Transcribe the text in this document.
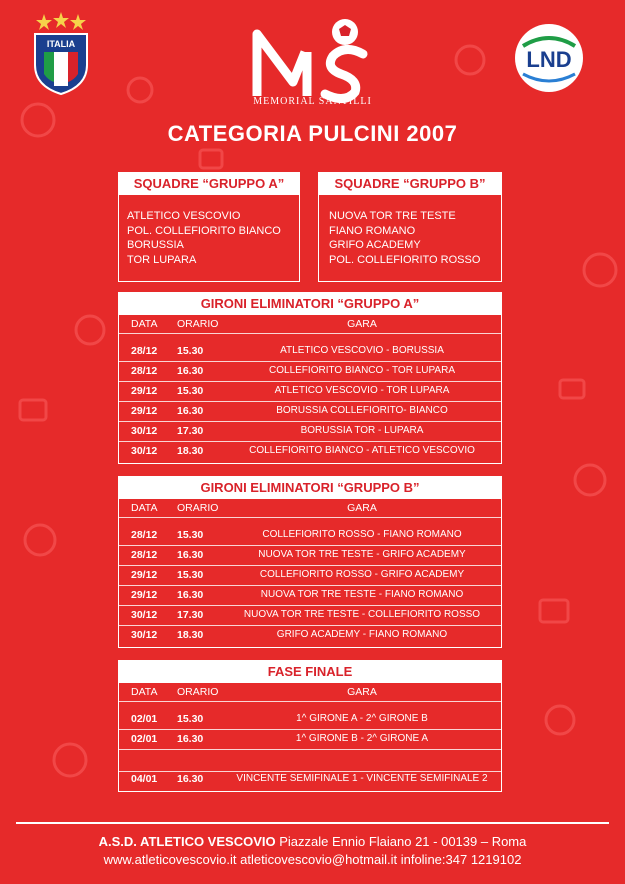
ITALIA
MEMORIAL SANTILLI
LND
CATEGORIA PULCINI 2007
SQUADRE “GRUPPO A”
ATLETICO VESCOVIO
POL. COLLEFIORITO BIANCO
BORUSSIA
TOR LUPARA
SQUADRE “GRUPPO B”
NUOVA TOR TRE TESTE
FIANO ROMANO
GRIFO ACADEMY
POL. COLLEFIORITO ROSSO
GIRONI ELIMINATORI “GRUPPO A”
DATA	ORARIO	GARA
28/12	15.30	ATLETICO VESCOVIO - BORUSSIA
28/12	16.30	COLLEFIORITO BIANCO - TOR LUPARA
29/12	15.30	ATLETICO VESCOVIO - TOR LUPARA
29/12	16.30	BORUSSIA COLLEFIORITO- BIANCO
30/12	17.30	BORUSSIA TOR - LUPARA
30/12	18.30	COLLEFIORITO BIANCO - ATLETICO VESCOVIO
GIRONI ELIMINATORI “GRUPPO B”
DATA	ORARIO	GARA
28/12	15.30	COLLEFIORITO ROSSO - FIANO ROMANO
28/12	16.30	NUOVA TOR TRE TESTE - GRIFO ACADEMY
29/12	15.30	COLLEFIORITO ROSSO - GRIFO ACADEMY
29/12	16.30	NUOVA TOR TRE TESTE - FIANO ROMANO
30/12	17.30	NUOVA TOR TRE TESTE - COLLEFIORITO ROSSO
30/12	18.30	GRIFO ACADEMY - FIANO ROMANO
FASE FINALE
DATA	ORARIO	GARA
02/01	15.30	1^ GIRONE A - 2^ GIRONE B
02/01	16.30	1^ GIRONE B - 2^ GIRONE A
04/01	16.30	VINCENTE SEMIFINALE 1 - VINCENTE SEMIFINALE 2
A.S.D. ATLETICO VESCOVIO Piazzale Ennio Flaiano 21 - 00139 – Roma
www.atleticovescovio.it atleticovescovio@hotmail.it infoline:347 1219102
